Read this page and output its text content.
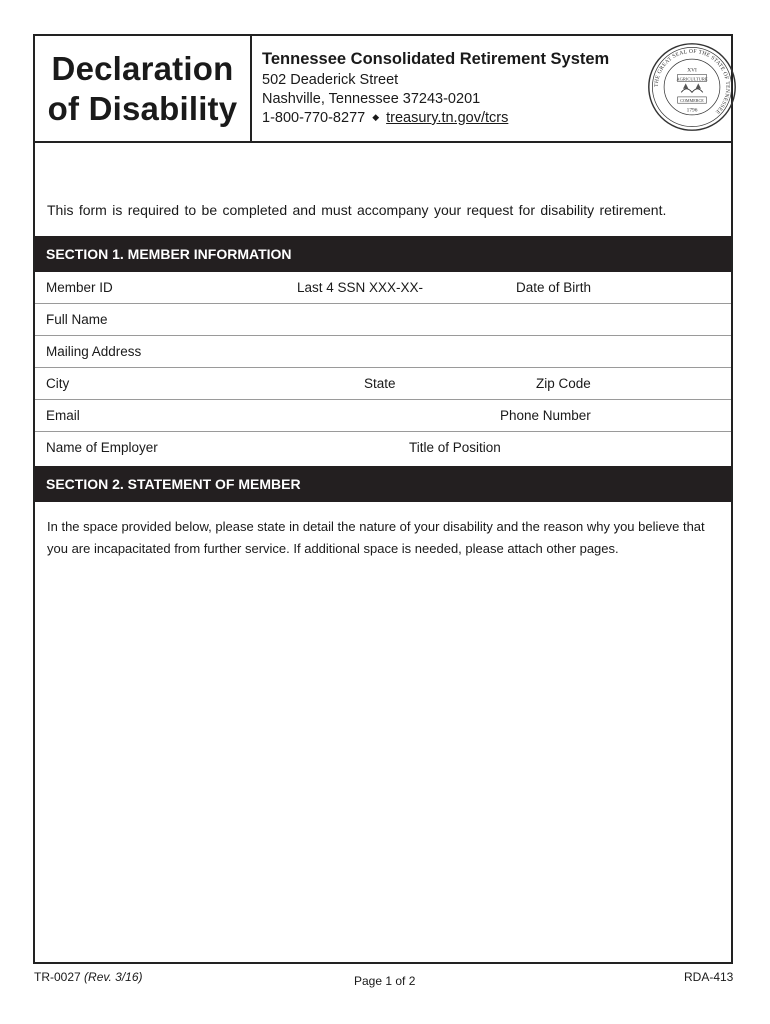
Declaration
of Disability
Tennessee Consolidated Retirement System
502 Deaderick Street
Nashville, Tennessee 37243-0201
1-800-770-8277 ◆ treasury.tn.gov/tcrs
THE GREAT SEAL OF THE STATE OF TENNESSEE
XVI
AGRICULTURE
COMMERCE
1796
This form is required to be completed and must accompany your request for disability retirement.
SECTION 1. MEMBER INFORMATION
Member ID	Last 4 SSN XXX-XX-	Date of Birth
Full Name
Mailing Address
City	State	Zip Code
Email	Phone Number
Name of Employer	Title of Position
SECTION 2. STATEMENT OF MEMBER
In the space provided below, please state in detail the nature of your disability and the reason why you believe that you are incapacitated from further service. If additional space is needed, please attach other pages.
TR-0027 (Rev. 3/16)	Page 1 of 2	RDA-413
